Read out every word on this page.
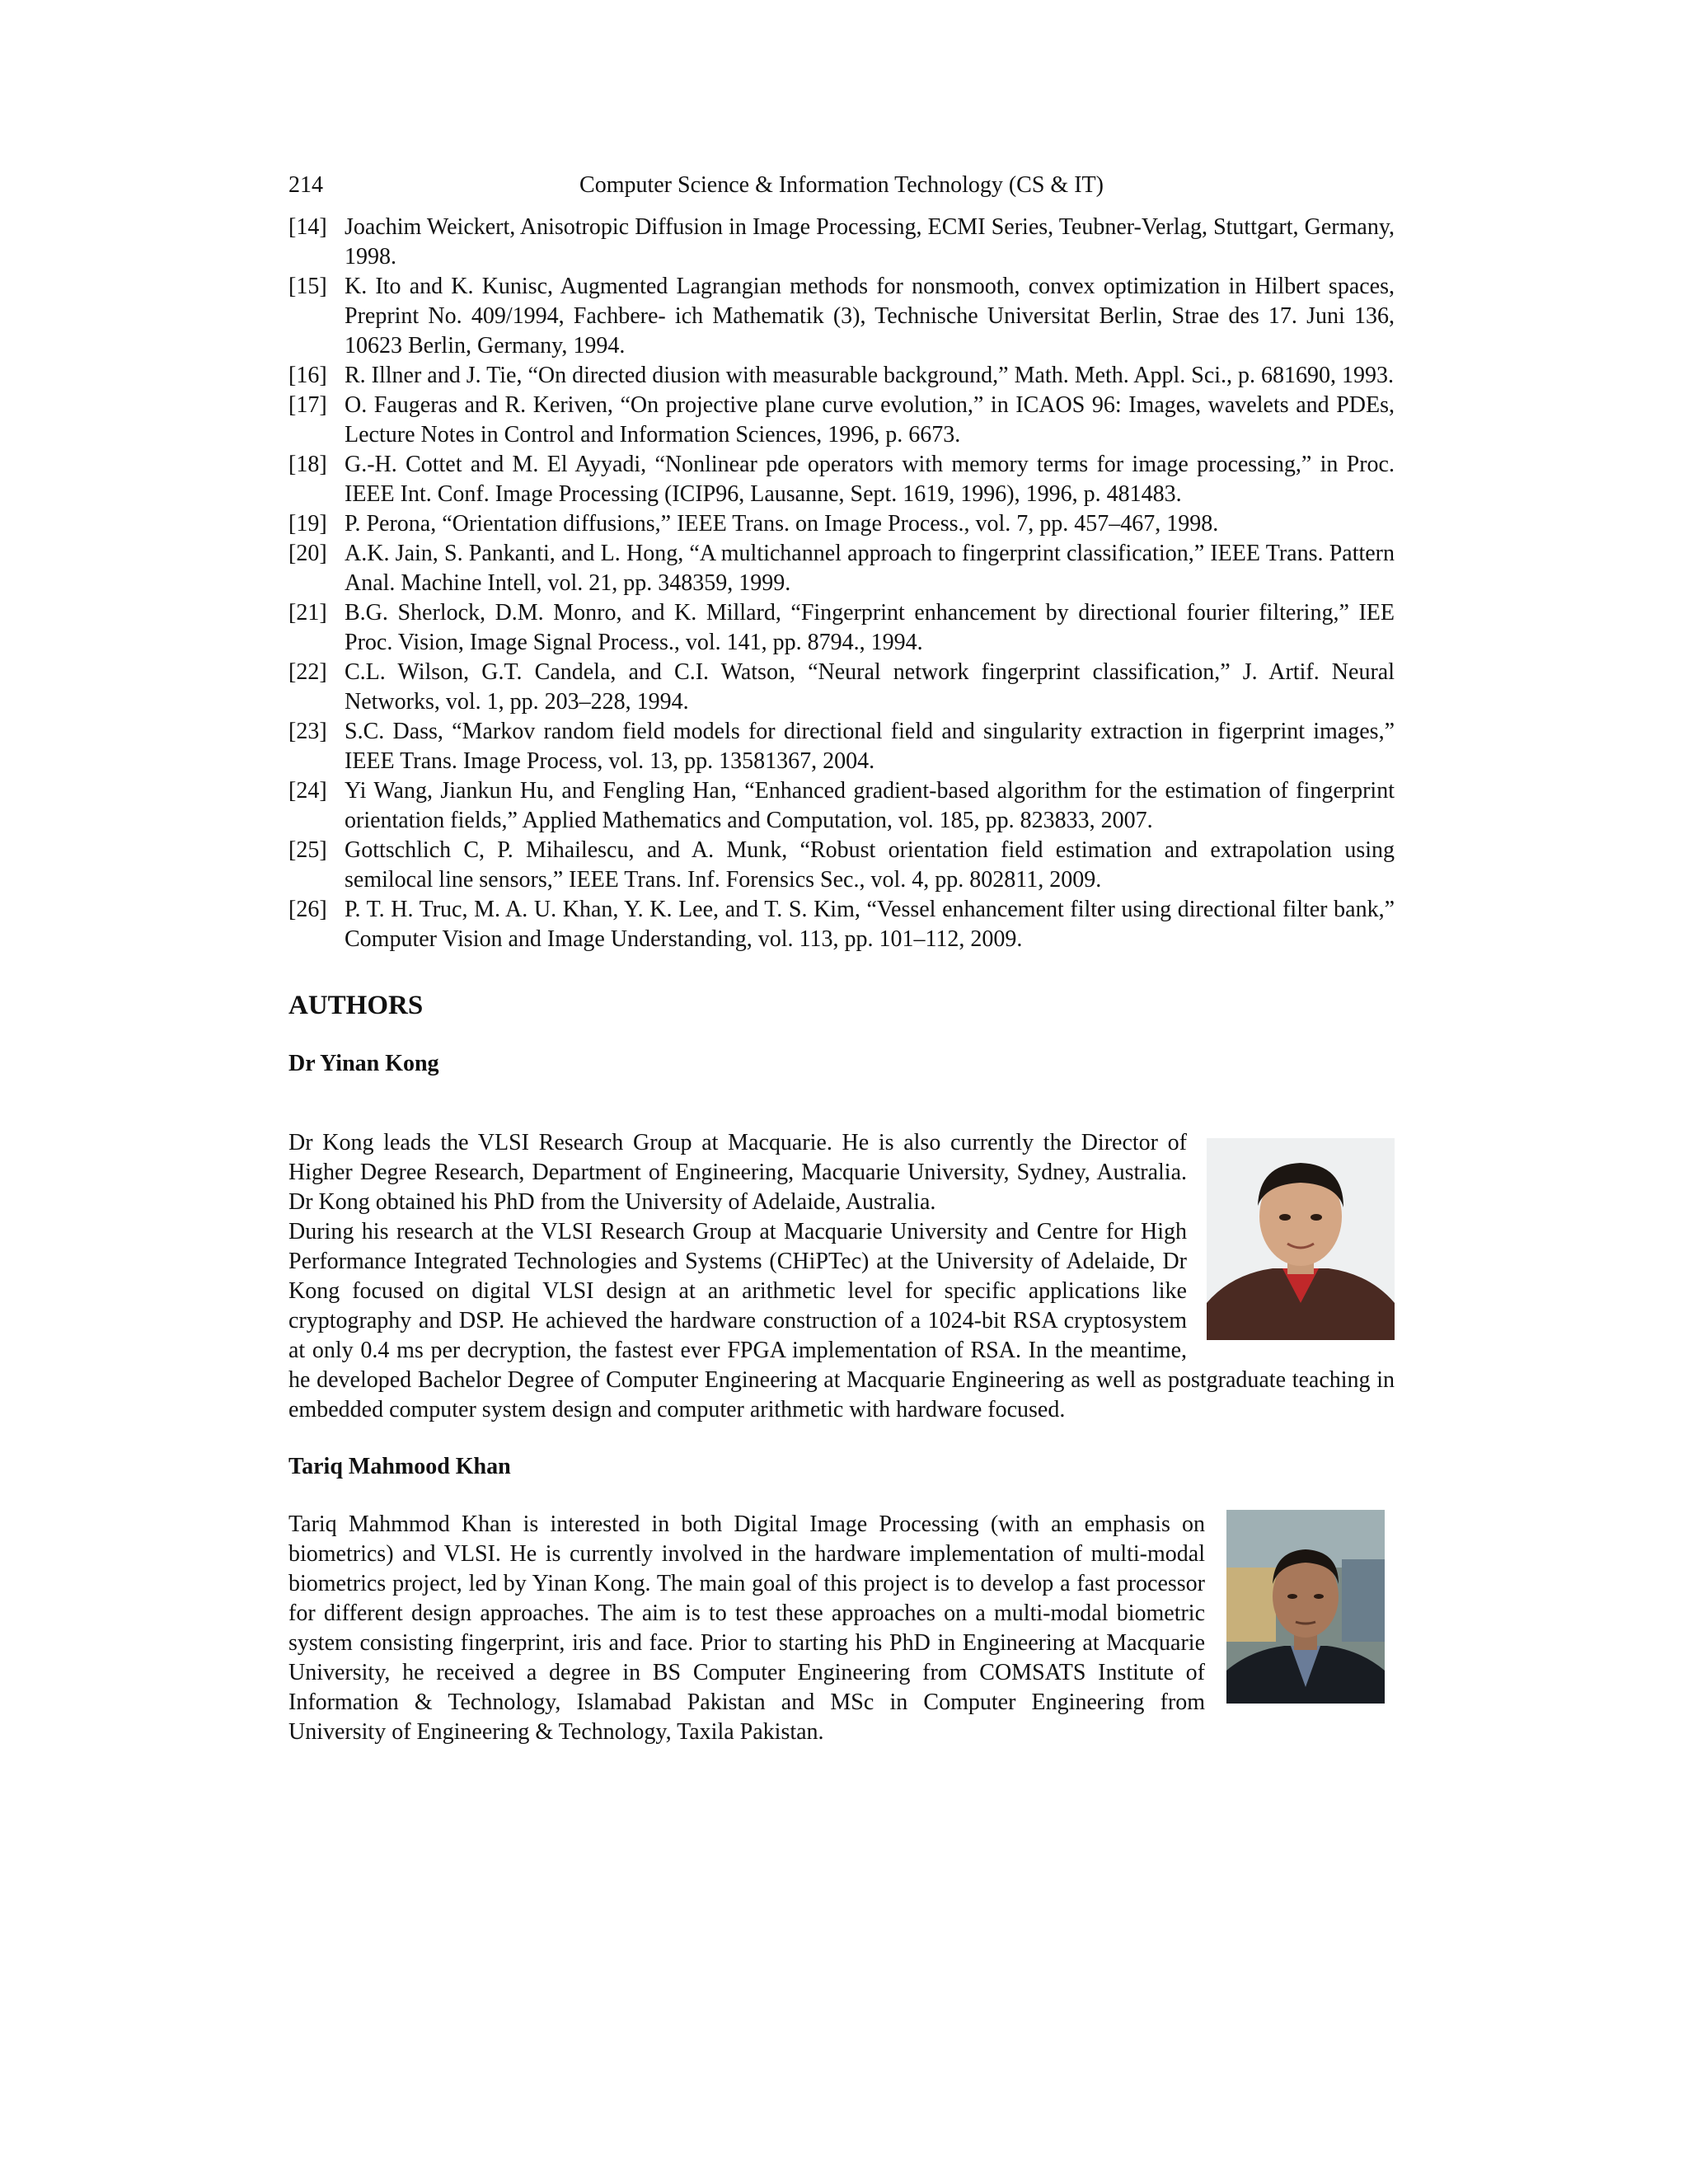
214	Computer Science & Information Technology (CS & IT)

[14] Joachim Weickert, Anisotropic Diffusion in Image Processing, ECMI Series, Teubner-Verlag, Stuttgart, Germany, 1998.

[15] K. Ito and K. Kunisc, Augmented Lagrangian methods for nonsmooth, convex optimization in Hilbert spaces, Preprint No. 409/1994, Fachbere- ich Mathematik (3), Technische Universitat Berlin, Strae des 17. Juni 136, 10623 Berlin, Germany, 1994.

[16] R. Illner and J. Tie, “On directed diusion with measurable background,” Math. Meth. Appl. Sci., p. 681690, 1993.

[17] O. Faugeras and R. Keriven, “On projective plane curve evolution,” in ICAOS 96: Images, wavelets and PDEs, Lecture Notes in Control and Information Sciences, 1996, p. 6673.

[18] G.-H. Cottet and M. El Ayyadi, “Nonlinear pde operators with memory terms for image processing,” in Proc. IEEE Int. Conf. Image Processing (ICIP96, Lausanne, Sept. 1619, 1996), 1996, p. 481483.

[19] P. Perona, “Orientation diffusions,” IEEE Trans. on Image Process., vol. 7, pp. 457–467, 1998.

[20] A.K. Jain, S. Pankanti, and L. Hong, “A multichannel approach to fingerprint classification,” IEEE Trans. Pattern Anal. Machine Intell, vol. 21, pp. 348359, 1999.

[21] B.G. Sherlock, D.M. Monro, and K. Millard, “Fingerprint enhancement by directional fourier filtering,” IEE Proc. Vision, Image Signal Process., vol. 141, pp. 8794., 1994.

[22] C.L. Wilson, G.T. Candela, and C.I. Watson, “Neural network fingerprint classification,” J. Artif. Neural Networks, vol. 1, pp. 203–228, 1994.

[23] S.C. Dass, “Markov random field models for directional field and singularity extraction in figerprint images,” IEEE Trans. Image Process, vol. 13, pp. 13581367, 2004.

[24] Yi Wang, Jiankun Hu, and Fengling Han, “Enhanced gradient-based algorithm for the estimation of fingerprint orientation fields,” Applied Mathematics and Computation, vol. 185, pp. 823833, 2007.

[25] Gottschlich C, P. Mihailescu, and A. Munk, “Robust orientation field estimation and extrapolation using semilocal line sensors,” IEEE Trans. Inf. Forensics Sec., vol. 4, pp. 802811, 2009.

[26] P. T. H. Truc, M. A. U. Khan, Y. K. Lee, and T. S. Kim, “Vessel enhancement filter using directional filter bank,” Computer Vision and Image Understanding, vol. 113, pp. 101–112, 2009.

AUTHORS
Dr Yinan Kong

Dr Kong leads the VLSI Research Group at Macquarie. He is also currently the Director of Higher Degree Research, Department of Engineering, Macquarie University, Sydney, Australia. Dr Kong obtained his PhD from the University of Adelaide, Australia.

During his research at the VLSI Research Group at Macquarie University and Centre for High Performance Integrated Technologies and Systems (CHiPTec) at the University of Adelaide, Dr Kong focused on digital VLSI design at an arithmetic level for specific applications like cryptography and DSP. He achieved the hardware construction of a 1024-bit RSA cryptosystem at only 0.4 ms per decryption, the fastest ever FPGA implementation of RSA. In the meantime, he developed Bachelor Degree of Computer Engineering at Macquarie Engineering as well as postgraduate teaching in embedded computer system design and computer arithmetic with hardware focused.

Tariq Mahmood Khan

Tariq Mahmmod Khan is interested in both Digital Image Processing (with an emphasis on biometrics) and VLSI. He is currently involved in the hardware implementation of multi-modal biometrics project, led by Yinan Kong. The main goal of this project is to develop a fast processor for different design approaches. The aim is to test these approaches on a multi-modal biometric system consisting fingerprint, iris and face. Prior to starting his PhD in Engineering at Macquarie University, he received a degree in BS Computer Engineering from COMSATS Institute of Information & Technology, Islamabad Pakistan and MSc in Computer Engineering from University of Engineering & Technology, Taxila Pakistan.
